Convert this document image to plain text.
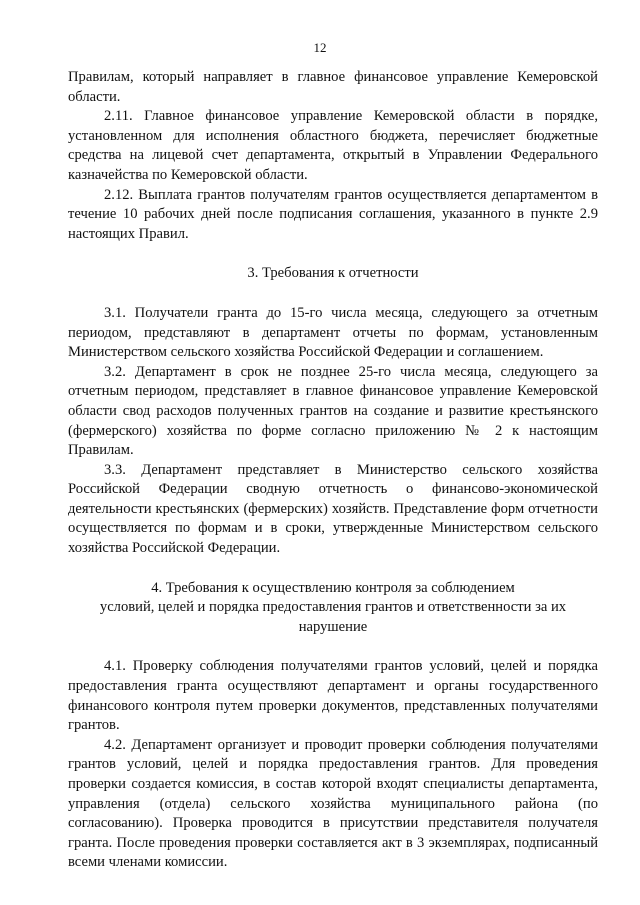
12

Правилам, который направляет в главное финансовое управление Кемеровской области.

2.11. Главное финансовое управление Кемеровской области в порядке, установленном для исполнения областного бюджета, перечисляет бюджетные средства на лицевой счет департамента, открытый в Управлении Федерального казначейства по Кемеровской области.

2.12. Выплата грантов получателям грантов осуществляется департаментом в течение 10 рабочих дней после подписания соглашения, указанного в пункте 2.9 настоящих Правил.

3. Требования к отчетности

3.1. Получатели гранта до 15-го числа месяца, следующего за отчетным периодом, представляют в департамент отчеты по формам, установленным Министерством сельского хозяйства Российской Федерации и соглашением.

3.2. Департамент в срок не позднее 25-го числа месяца, следующего за отчетным периодом, представляет в главное финансовое управление Кемеровской области свод расходов полученных грантов на создание и развитие крестьянского (фермерского) хозяйства по форме согласно приложению № 2 к настоящим Правилам.

3.3. Департамент представляет в Министерство сельского хозяйства Российской Федерации сводную отчетность о финансово-экономической деятельности крестьянских (фермерских) хозяйств. Представление форм отчетности осуществляется по формам и в сроки, утвержденные Министерством сельского хозяйства Российской Федерации.

4. Требования к осуществлению контроля за соблюдением
условий, целей и порядка предоставления грантов и ответственности за их
нарушение

4.1. Проверку соблюдения получателями грантов условий, целей и порядка предоставления гранта осуществляют департамент и органы государственного финансового контроля путем проверки документов, представленных получателями грантов.

4.2. Департамент организует и проводит проверки соблюдения получателями грантов условий, целей и порядка предоставления грантов. Для проведения проверки создается комиссия, в состав которой входят специалисты департамента, управления (отдела) сельского хозяйства муниципального района (по согласованию). Проверка проводится в присутствии представителя получателя гранта. После проведения проверки составляется акт в 3 экземплярах, подписанный всеми членами комиссии.
